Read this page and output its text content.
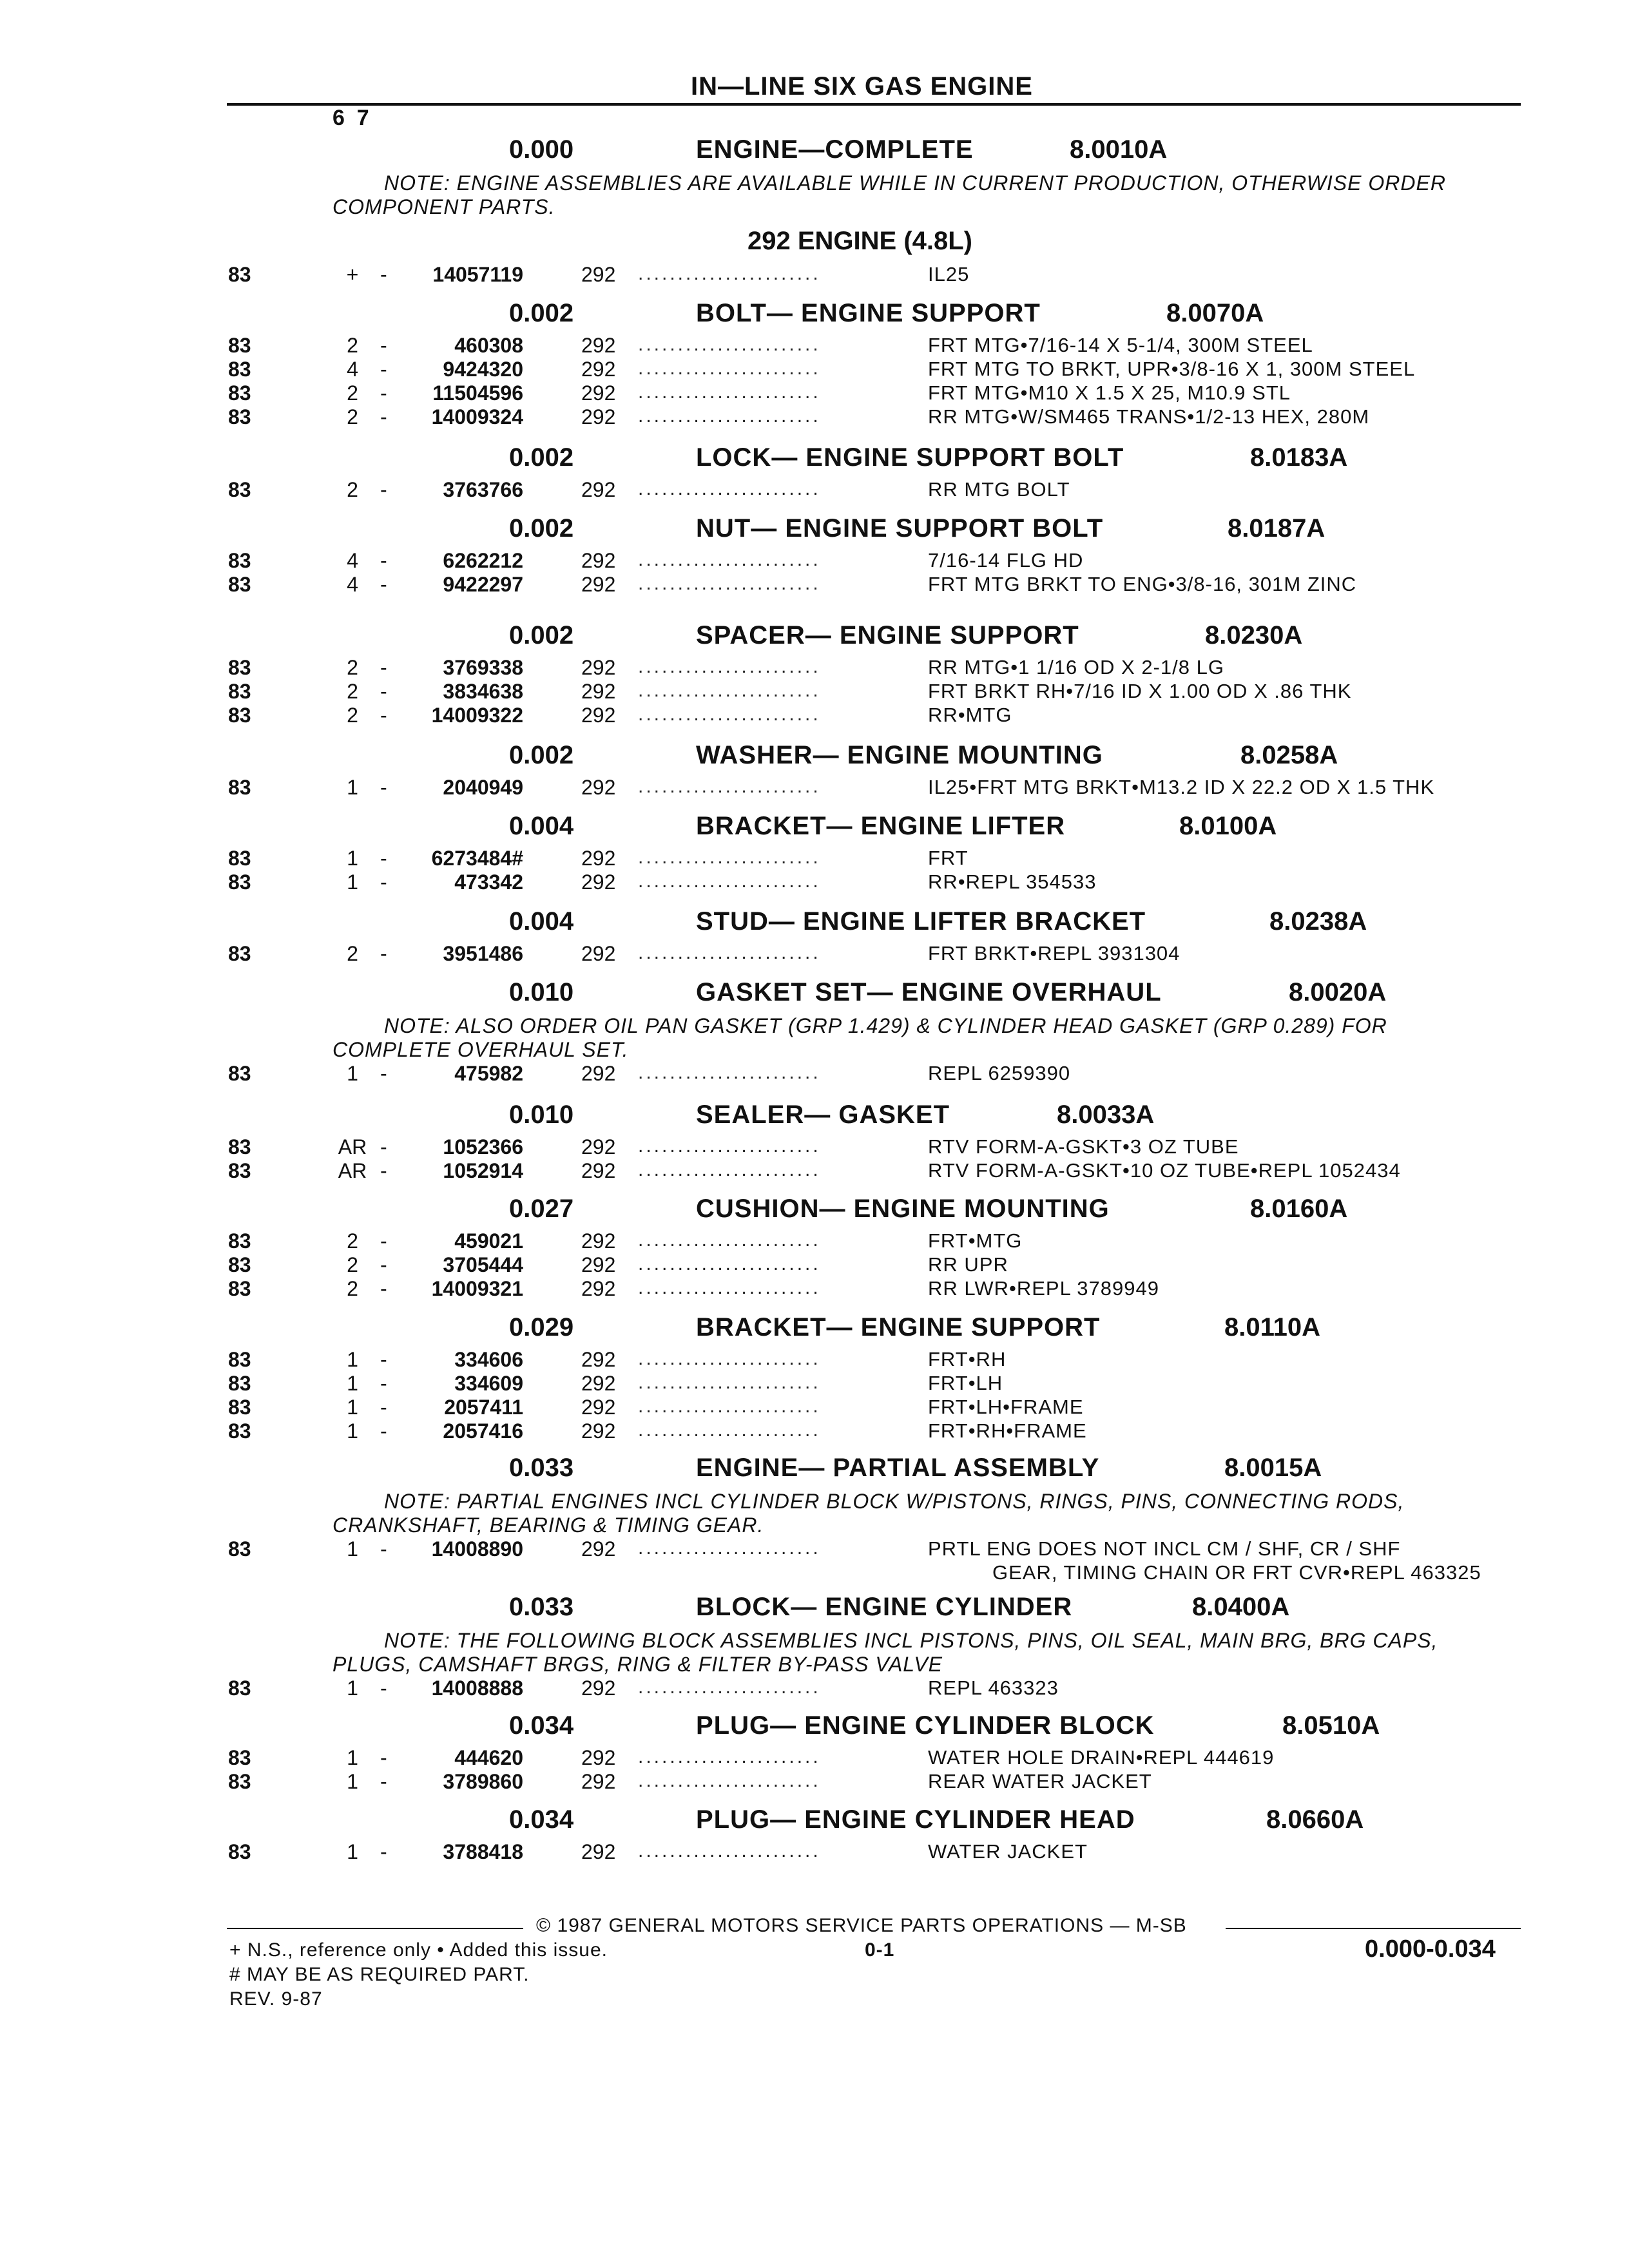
IN—LINE SIX GAS ENGINE
6  7
0.000	ENGINE—COMPLETE	8.0010A
NOTE: ENGINE ASSEMBLIES ARE AVAILABLE WHILE IN CURRENT PRODUCTION, OTHERWISE ORDER
COMPONENT PARTS.
292 ENGINE (4.8L)
83	+	-	14057119	292 .......................	IL25
0.002	BOLT— ENGINE SUPPORT	8.0070A
83	2	-	460308	292 .......................	FRT MTG•7/16-14 X 5-1/4, 300M STEEL
83	4	-	9424320	292 .......................	FRT MTG TO BRKT, UPR•3/8-16 X 1, 300M STEEL
83	2	-	11504596	292 .......................	FRT MTG•M10 X 1.5 X 25, M10.9 STL
83	2	-	14009324	292 .......................	RR MTG•W/SM465 TRANS•1/2-13 HEX, 280M
0.002	LOCK— ENGINE SUPPORT BOLT	8.0183A
83	2	-	3763766	292 .......................	RR MTG BOLT
0.002	NUT— ENGINE SUPPORT BOLT	8.0187A
83	4	-	6262212	292 .......................	7/16-14 FLG HD
83	4	-	9422297	292 .......................	FRT MTG BRKT TO ENG•3/8-16, 301M ZINC
0.002	SPACER— ENGINE SUPPORT	8.0230A
83	2	-	3769338	292 .......................	RR MTG•1 1/16 OD X 2-1/8 LG
83	2	-	3834638	292 .......................	FRT BRKT RH•7/16 ID X 1.00 OD X .86 THK
83	2	-	14009322	292 .......................	RR•MTG
0.002	WASHER— ENGINE MOUNTING	8.0258A
83	1	-	2040949	292 .......................	IL25•FRT MTG BRKT•M13.2 ID X 22.2 OD X 1.5 THK
0.004	BRACKET— ENGINE LIFTER	8.0100A
83	1	-	6273484#	292 .......................	FRT
83	1	-	473342	292 .......................	RR•REPL 354533
0.004	STUD— ENGINE LIFTER BRACKET	8.0238A
83	2	-	3951486	292 .......................	FRT BRKT•REPL 3931304
0.010	GASKET SET— ENGINE OVERHAUL	8.0020A
NOTE: ALSO ORDER OIL PAN GASKET (GRP 1.429) & CYLINDER HEAD GASKET (GRP 0.289) FOR
COMPLETE OVERHAUL SET.
83	1	-	475982	292 .......................	REPL 6259390
0.010	SEALER— GASKET	8.0033A
83	AR -	1052366	292 .......................	RTV FORM-A-GSKT•3 OZ TUBE
83	AR -	1052914	292 .......................	RTV FORM-A-GSKT•10 OZ TUBE•REPL 1052434
0.027	CUSHION— ENGINE MOUNTING	8.0160A
83	2	-	459021	292 .......................	FRT•MTG
83	2	-	3705444	292 .......................	RR UPR
83	2	-	14009321	292 .......................	RR LWR•REPL 3789949
0.029	BRACKET— ENGINE SUPPORT	8.0110A
83	1	-	334606	292 .......................	FRT•RH
83	1	-	334609	292 .......................	FRT•LH
83	1	-	2057411	292 .......................	FRT•LH•FRAME
83	1	-	2057416	292 .......................	FRT•RH•FRAME
0.033	ENGINE— PARTIAL ASSEMBLY	8.0015A
NOTE: PARTIAL ENGINES INCL CYLINDER BLOCK W/PISTONS, RINGS, PINS, CONNECTING RODS,
CRANKSHAFT, BEARING & TIMING GEAR.
83	1	-	14008890	292 .......................	PRTL ENG DOES NOT INCL CM / SHF, CR / SHF
GEAR, TIMING CHAIN OR FRT CVR•REPL 463325
0.033	BLOCK— ENGINE CYLINDER	8.0400A
NOTE: THE FOLLOWING BLOCK ASSEMBLIES INCL PISTONS, PINS, OIL SEAL, MAIN BRG, BRG CAPS,
PLUGS, CAMSHAFT BRGS, RING & FILTER BY-PASS VALVE
83	1	-	14008888	292 .......................	REPL 463323
0.034	PLUG— ENGINE CYLINDER BLOCK	8.0510A
83	1	-	444620	292 .......................	WATER HOLE DRAIN•REPL 444619
83	1	-	3789860	292 .......................	REAR WATER JACKET
0.034	PLUG— ENGINE CYLINDER HEAD	8.0660A
83	1	-	3788418	292 .......................	WATER JACKET
© 1987 GENERAL MOTORS SERVICE PARTS OPERATIONS — M-SB
+ N.S., reference only • Added this issue.	0-1	0.000-0.034
# MAY BE AS REQUIRED PART.
REV. 9-87
